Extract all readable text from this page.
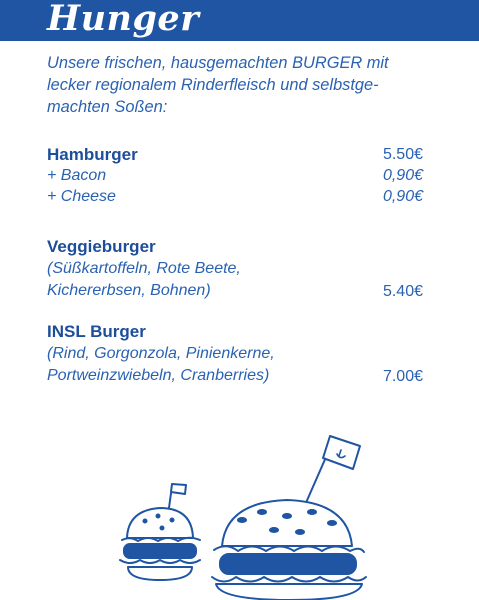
Hunger
Unsere frischen, hausgemachten BURGER mit
lecker regionalem Rinderfleisch und selbstge-
machten Soßen:
Hamburger	5.50€
+ Bacon	0,90€
+ Cheese	0,90€
Veggieburger
(Süßkartoffeln, Rote Beete,
Kichererbsen, Bohnen)	5.40€
INSL Burger
(Rind, Gorgonzola, Pinienkerne,
Portweinzwiebeln, Cranberries)	7.00€
